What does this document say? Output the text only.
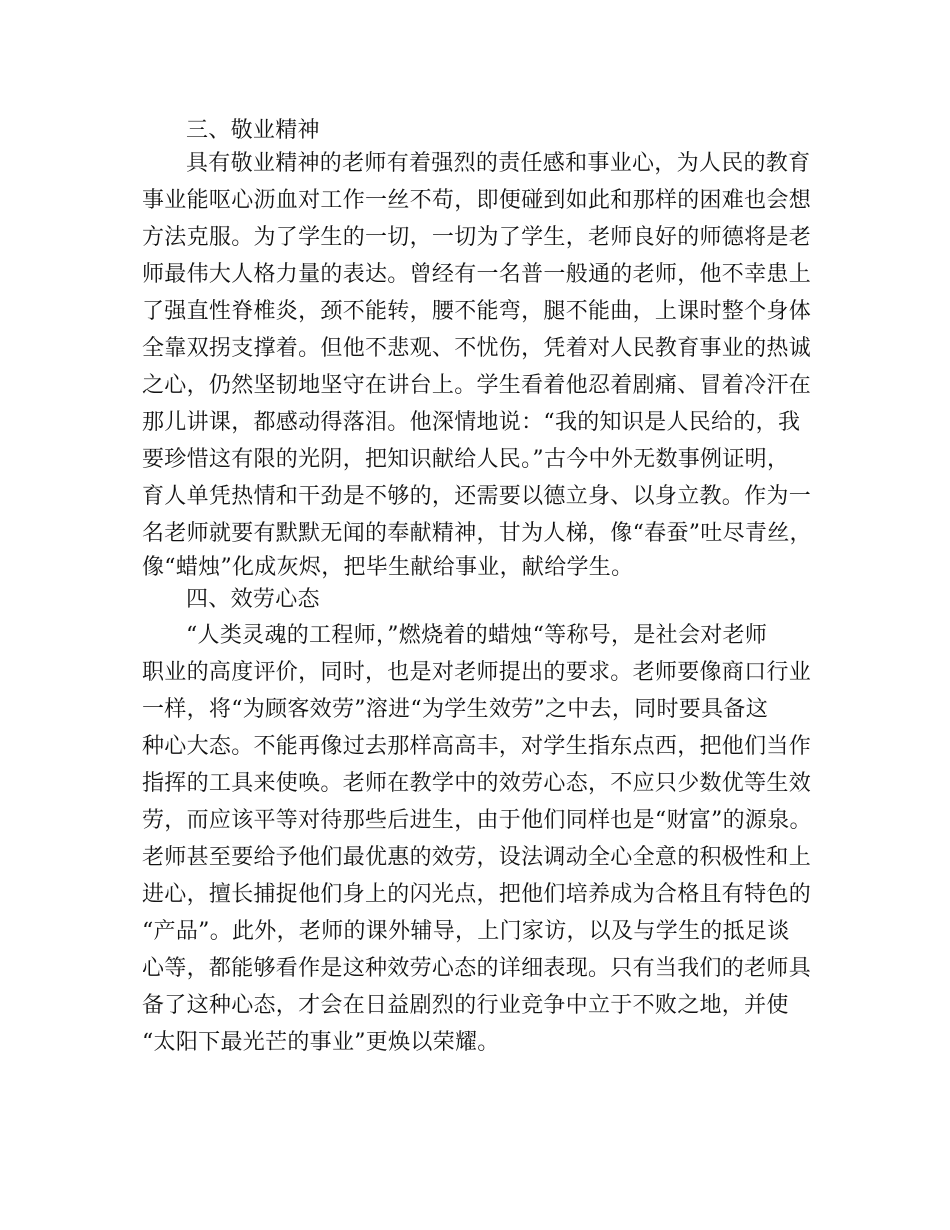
三、敬业精神
具有敬业精神的老师有着强烈的责任感和事业心，为人民的教育
事业能呕心沥血对工作一丝不苟，即便碰到如此和那样的困难也会想
方法克服。为了学生的一切，一切为了学生，老师良好的师德将是老
师最伟大人格力量的表达。曾经有一名普一般通的老师，他不幸患上
了强直性脊椎炎，颈不能转，腰不能弯，腿不能曲，上课时整个身体
全靠双拐支撑着。但他不悲观、不忧伤，凭着对人民教育事业的热诚
之心，仍然坚韧地坚守在讲台上。学生看着他忍着剧痛、冒着冷汗在
那儿讲课，都感动得落泪。他深情地说：“我的知识是人民给的，我
要珍惜这有限的光阴，把知识献给人民。”古今中外无数事例证明，
育人单凭热情和干劲是不够的，还需要以德立身、以身立教。作为一
名老师就要有默默无闻的奉献精神，甘为人梯，像“春蚕”吐尽青丝，
像“蜡烛”化成灰烬，把毕生献给事业，献给学生。
四、效劳心态
“人类灵魂的工程师，”燃烧着的蜡烛“等称号，是社会对老师
职业的高度评价，同时，也是对老师提出的要求。老师要像商口行业
一样，将“为顾客效劳”溶进“为学生效劳”之中去，同时要具备这
种心大态。不能再像过去那样高高丰，对学生指东点西，把他们当作
指挥的工具来使唤。老师在教学中的效劳心态，不应只少数优等生效
劳，而应该平等对待那些后进生，由于他们同样也是“财富”的源泉。
老师甚至要给予他们最优惠的效劳，设法调动全心全意的积极性和上
进心，擅长捕捉他们身上的闪光点，把他们培养成为合格且有特色的
“产品”。此外，老师的课外辅导，上门家访，以及与学生的抵足谈
心等，都能够看作是这种效劳心态的详细表现。只有当我们的老师具
备了这种心态，才会在日益剧烈的行业竞争中立于不败之地，并使
“太阳下最光芒的事业”更焕以荣耀。
